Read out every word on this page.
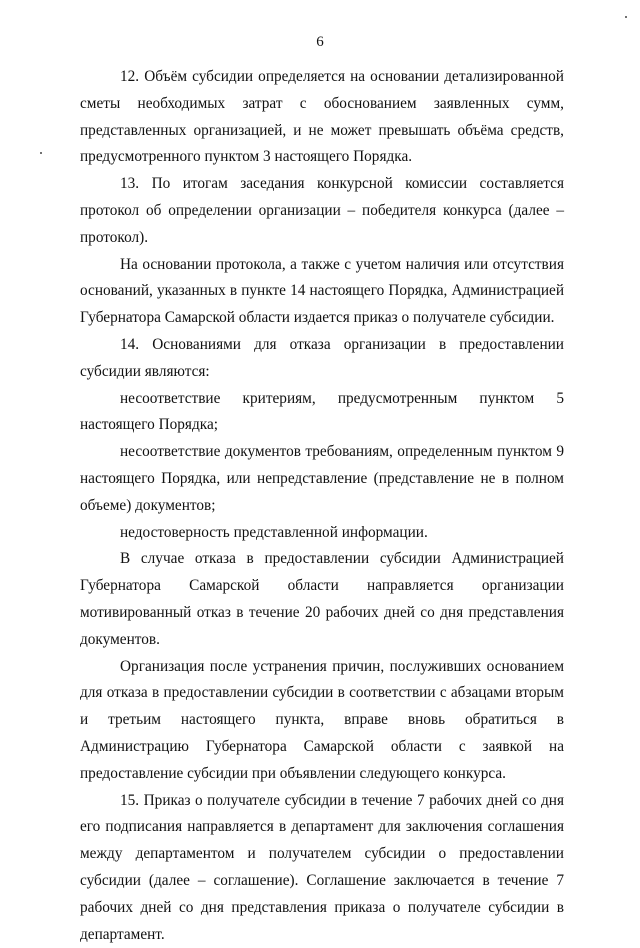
6

12. Объём субсидии определяется на основании детализированной сметы необходимых затрат с обоснованием заявленных сумм, представленных организацией, и не может превышать объёма средств, предусмотренного пунктом 3 настоящего Порядка.

13. По итогам заседания конкурсной комиссии составляется протокол об определении организации – победителя конкурса (далее – протокол).

На основании протокола, а также с учетом наличия или отсутствия оснований, указанных в пункте 14 настоящего Порядка, Администрацией Губернатора Самарской области издается приказ о получателе субсидии.

14. Основаниями для отказа организации в предоставлении субсидии являются:

несоответствие критериям, предусмотренным пунктом 5 настоящего Порядка;

несоответствие документов требованиям, определенным пунктом 9 настоящего Порядка, или непредставление (представление не в полном объеме) документов;

недостоверность представленной информации.

В случае отказа в предоставлении субсидии Администрацией Губернатора Самарской области направляется организации мотивированный отказ в течение 20 рабочих дней со дня представления документов.

Организация после устранения причин, послуживших основанием для отказа в предоставлении субсидии в соответствии с абзацами вторым и третьим настоящего пункта, вправе вновь обратиться в Администрацию Губернатора Самарской области с заявкой на предоставление субсидии при объявлении следующего конкурса.

15. Приказ о получателе субсидии в течение 7 рабочих дней со дня его подписания направляется в департамент для заключения соглашения между департаментом и получателем субсидии о предоставлении субсидии (далее – соглашение). Соглашение заключается в течение 7 рабочих дней со дня представления приказа о получателе субсидии в департамент.
